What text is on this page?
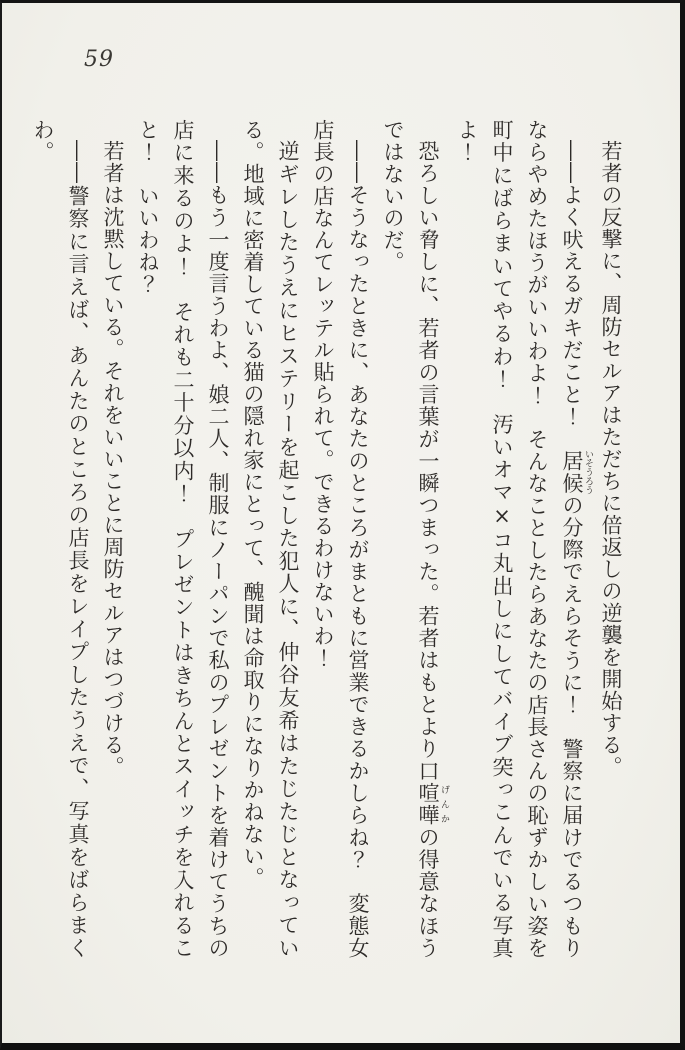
59

若者の反撃に、周防セルアはただちに倍返しの逆襲を開始する。

――よく吠えるガキだこと！　居候 いそうろうの分際でえらそうに！　警察に届けでるつもりならやめたほうがいいわよ！　そんなことしたらあなたの店長さんの恥ずかしい姿を町中にばらまいてやるわ！　汚いオマ×コ丸出しにしてバイブ突っこんでいる写真よ！

恐ろしい脅しに、若者の言葉が一瞬つまった。若者はもとより口喧嘩 げんかの得意なほうではないのだ。

――そうなったときに、あなたのところがまともに営業できるかしらね？　変態女店長の店なんてレッテル貼られて。できるわけないわ！

逆ギレしたうえにヒステリーを起こした犯人に、仲谷友希はたじたじとなっている。地域に密着している猫の隠れ家にとって、醜聞は命取りになりかねない。

――もう一度言うわよ、娘二人、制服にノーパンで私のプレゼントを着けてうちの店に来るのよ！　それも二十分以内！　プレゼントはきちんとスイッチを入れること！　いいわね？

若者は沈黙している。それをいいことに周防セルアはつづける。

――警察に言えば、あんたのところの店長をレイプしたうえで、写真をばらまくわ。
